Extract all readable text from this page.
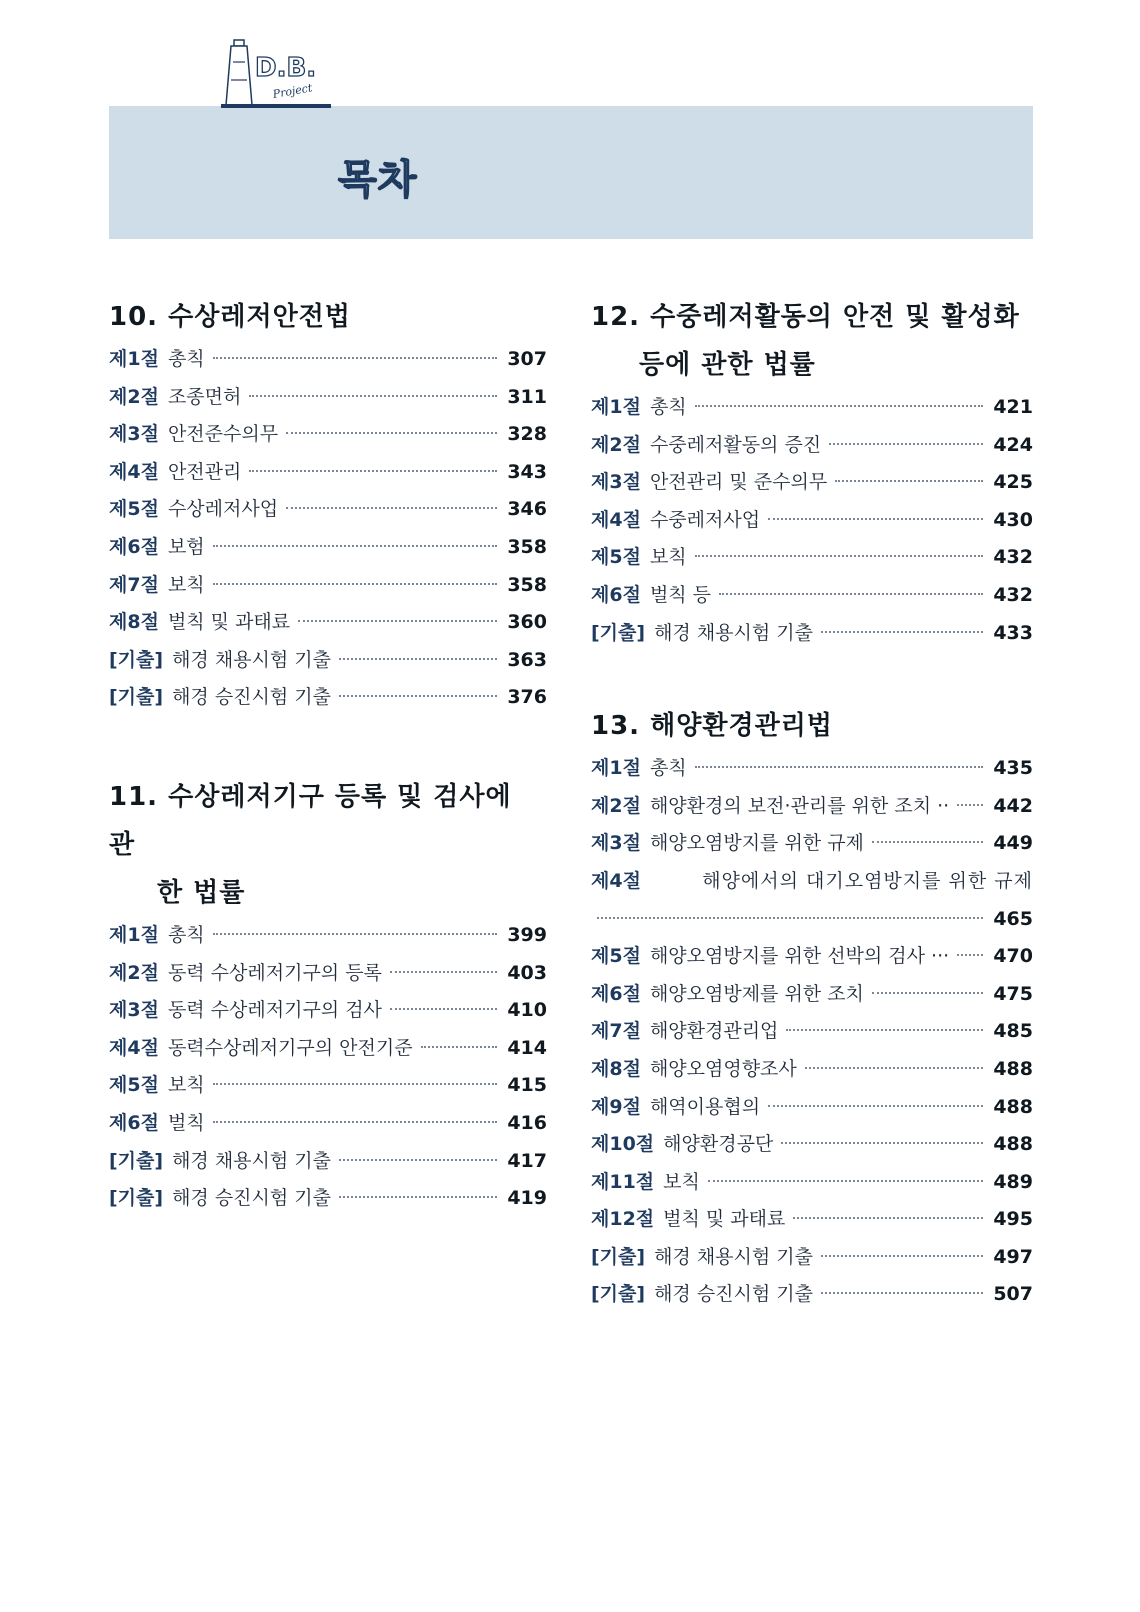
D.B.
Project
목차
10. 수상레저안전법
제1절 총칙	307
제2절 조종면허	311
제3절 안전준수의무	328
제4절 안전관리	343
제5절 수상레저사업	346
제6절 보험	358
제7절 보칙	358
제8절 벌칙 및 과태료	360
[기출] 해경 채용시험 기출	363
[기출] 해경 승진시험 기출	376
11. 수상레저기구 등록 및 검사에 관
한 법률
제1절 총칙	399
제2절 동력 수상레저기구의 등록	403
제3절 동력 수상레저기구의 검사	410
제4절 동력수상레저기구의 안전기준	414
제5절 보칙	415
제6절 벌칙	416
[기출] 해경 채용시험 기출	417
[기출] 해경 승진시험 기출	419
12. 수중레저활동의 안전 및 활성화
등에 관한 법률
제1절 총칙	421
제2절 수중레저활동의 증진	424
제3절 안전관리 및 준수의무	425
제4절 수중레저사업	430
제5절 보칙	432
제6절 벌칙 등	432
[기출] 해경 채용시험 기출	433
13. 해양환경관리법
제1절 총칙	435
제2절 해양환경의 보전·관리를 위한 조치 ·· 442
제3절 해양오염방지를 위한 규제	449
제4절	해양에서의 대기오염방지를 위한 규제
465
제5절 해양오염방지를 위한 선박의 검사 ··· 470
제6절 해양오염방제를 위한 조치	475
제7절 해양환경관리업	485
제8절 해양오염영향조사	488
제9절 해역이용협의	488
제10절 해양환경공단	488
제11절 보칙	489
제12절 벌칙 및 과태료	495
[기출] 해경 채용시험 기출	497
[기출] 해경 승진시험 기출	507
